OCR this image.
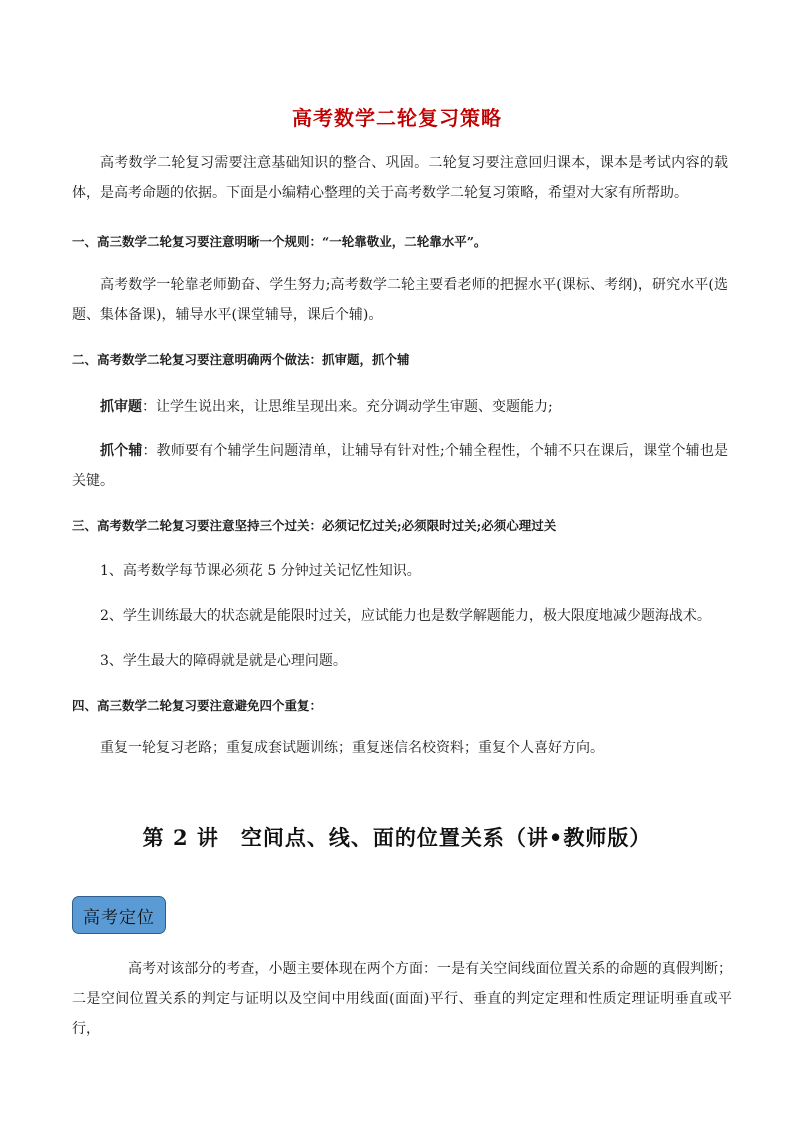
高考数学二轮复习策略
高考数学二轮复习需要注意基础知识的整合、巩固。二轮复习要注意回归课本，课本是考试内容的载体，是高考命题的依据。下面是小编精心整理的关于高考数学二轮复习策略，希望对大家有所帮助。
一、高三数学二轮复习要注意明晰一个规则：“一轮靠敬业，二轮靠水平”。
高考数学一轮靠老师勤奋、学生努力;高考数学二轮主要看老师的把握水平(课标、考纲)，研究水平(选题、集体备课)，辅导水平(课堂辅导，课后个辅)。
二、高考数学二轮复习要注意明确两个做法：抓审题，抓个辅
抓审题：让学生说出来，让思维呈现出来。充分调动学生审题、变题能力;
抓个辅：教师要有个辅学生问题清单，让辅导有针对性;个辅全程性，个辅不只在课后，课堂个辅也是关键。
三、高考数学二轮复习要注意坚持三个过关：必须记忆过关;必须限时过关;必须心理过关
1、高考数学每节课必须花 5 分钟过关记忆性知识。
2、学生训练最大的状态就是能限时过关，应试能力也是数学解题能力，极大限度地减少题海战术。
3、学生最大的障碍就是就是心理问题。
四、高三数学二轮复习要注意避免四个重复：
重复一轮复习老路；重复成套试题训练；重复迷信名校资料；重复个人喜好方向。
第 2 讲　空间点、线、面的位置关系（讲•教师版）
高考定位
高考对该部分的考查，小题主要体现在两个方面：一是有关空间线面位置关系的命题的真假判断；二是空间位置关系的判定与证明以及空间中用线面(面面)平行、垂直的判定定理和性质定理证明垂直或平行，
